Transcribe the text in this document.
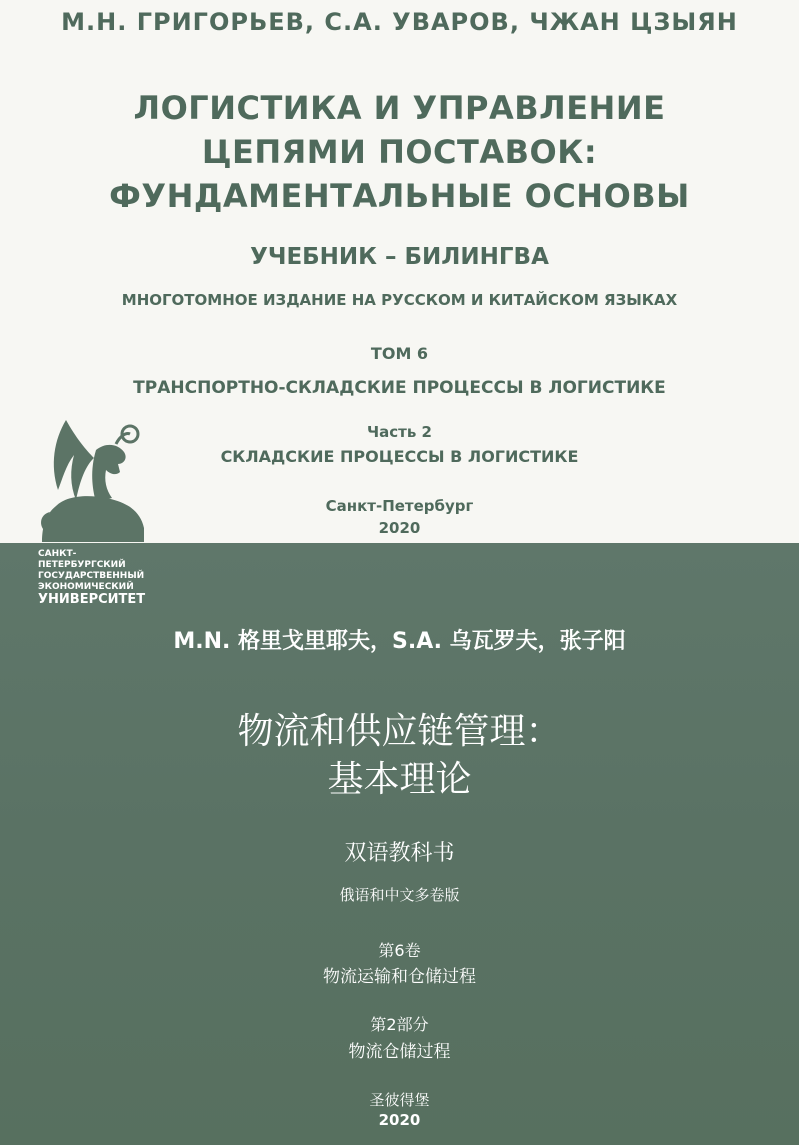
М.Н. ГРИГОРЬЕВ, С.А. УВАРОВ, ЧЖАН ЦЗЫЯН

ЛОГИСТИКА И УПРАВЛЕНИЕ
ЦЕПЯМИ ПОСТАВОК:
ФУНДАМЕНТАЛЬНЫЕ ОСНОВЫ

УЧЕБНИК – БИЛИНГВА

МНОГОТОМНОЕ ИЗДАНИЕ НА РУССКОМ И КИТАЙСКОМ ЯЗЫКАХ

ТОМ 6

ТРАНСПОРТНО-СКЛАДСКИЕ ПРОЦЕССЫ В ЛОГИСТИКЕ

Часть 2

СКЛАДСКИЕ ПРОЦЕССЫ В ЛОГИСТИКЕ

Санкт-Петербург

2020

САНКТ-ПЕТЕРБУРГСКИЙ
ГОСУДАРСТВЕННЫЙ
ЭКОНОМИЧЕСКИЙ
УНИВЕРСИТЕТ

M.N. 格里戈里耶夫，S.A. 乌瓦罗夫，张子阳

物流和供应链管理：
基本理论

双语教科书

俄语和中文多卷版

第6卷

物流运输和仓储过程

第2部分

物流仓储过程

圣彼得堡

2020
